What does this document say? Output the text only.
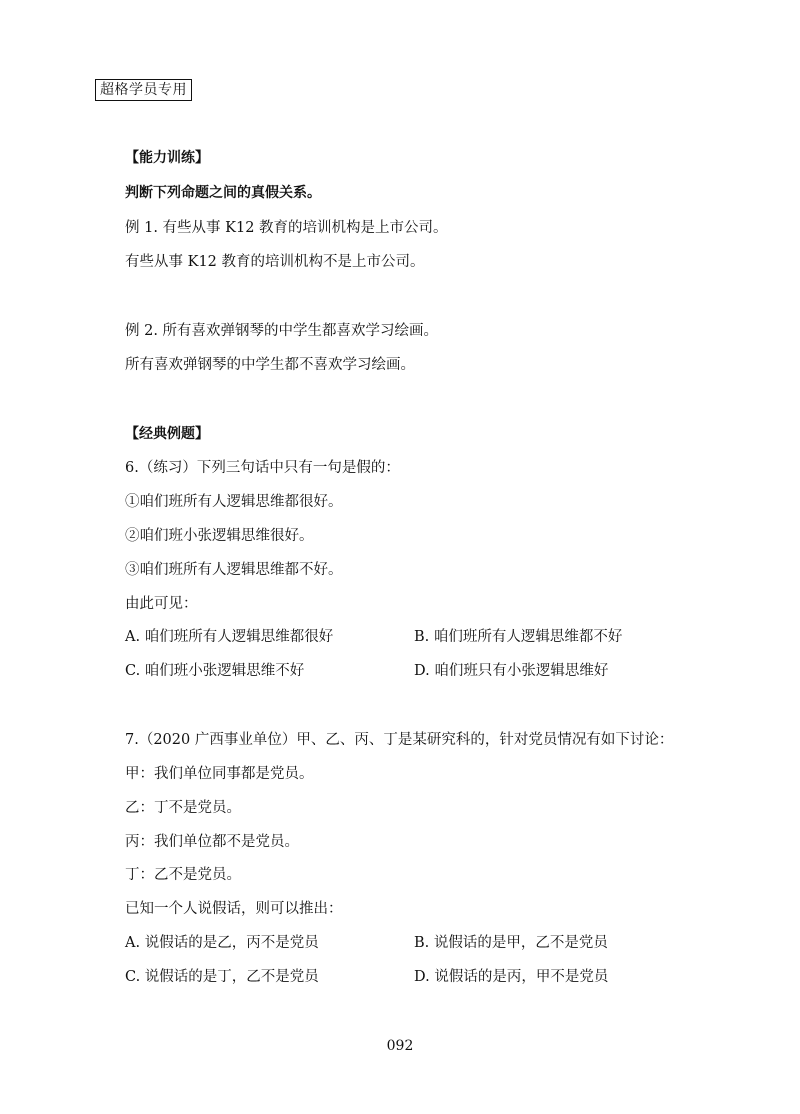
超格学员专用
【能力训练】
判断下列命题之间的真假关系。
例 1. 有些从事 K12 教育的培训机构是上市公司。
有些从事 K12 教育的培训机构不是上市公司。
例 2. 所有喜欢弹钢琴的中学生都喜欢学习绘画。
所有喜欢弹钢琴的中学生都不喜欢学习绘画。
【经典例题】
6.（练习）下列三句话中只有一句是假的：
①咱们班所有人逻辑思维都很好。
②咱们班小张逻辑思维很好。
③咱们班所有人逻辑思维都不好。
由此可见：
A. 咱们班所有人逻辑思维都很好	B. 咱们班所有人逻辑思维都不好
C. 咱们班小张逻辑思维不好	D. 咱们班只有小张逻辑思维好
7.（2020 广西事业单位）甲、乙、丙、丁是某研究科的，针对党员情况有如下讨论：
甲：我们单位同事都是党员。
乙：丁不是党员。
丙：我们单位都不是党员。
丁：乙不是党员。
已知一个人说假话，则可以推出：
A. 说假话的是乙，丙不是党员	B. 说假话的是甲，乙不是党员
C. 说假话的是丁，乙不是党员	D. 说假话的是丙，甲不是党员
092
